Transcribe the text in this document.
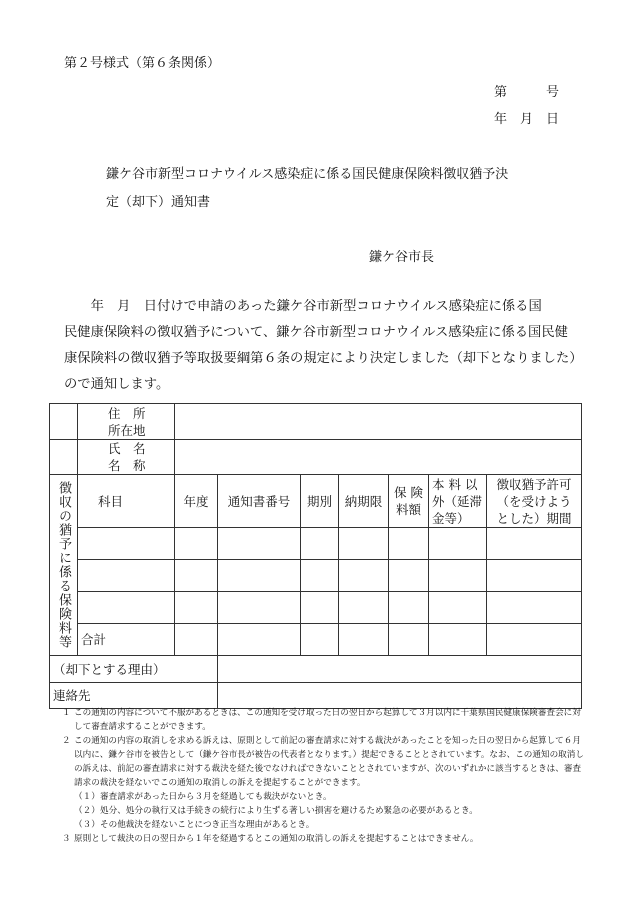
第２号様式（第６条関係）
第　　　号
年　月　日
鎌ケ谷市新型コロナウイルス感染症に係る国民健康保険料徴収猶予決
定（却下）通知書
鎌ケ谷市長

　　年　月　日付けで申請のあった鎌ケ谷市新型コロナウイルス感染症に係る国

民健康保険料の徴収猶予について、鎌ケ谷市新型コロナウイルス感染症に係る国民健

康保険料の徴収猶予等取扱要綱第６条の規定により決定しました（却下となりました）

ので通知します。

	住　所
所在地							

	氏　名
名　称							

徴収の猶予に係る保険料等	科目	年度	通知書番号	期別	納期限	保 険
料額	本 料 以
外（延滞
金等）	徴収猶予許可
（を受けよう
とした）期間

	合計							
（却下とする理由）								
連絡先								
１ この通知の内容について不服があるときは、この通知を受け取った日の翌日から起算して３月以内に千葉県国民健康保険審査会に対して審査請求することができます。
２ この通知の内容の取消しを求める訴えは、原則として前記の審査請求に対する裁決があったことを知った日の翌日から起算して６月以内に、鎌ケ谷市を被告として（鎌ケ谷市長が被告の代表者となります。）提起できることとされています。なお、この通知の取消しの訴えは、前記の審査請求に対する裁決を経た後でなければできないこととされていますが、次のいずれかに該当するときは、審査請求の裁決を経ないでこの通知の取消しの訴えを提起することができます。
（１） 審査請求があった日から３月を経過しても裁決がないとき。
（２） 処分、処分の執行又は手続きの続行により生ずる著しい損害を避けるため緊急の必要があるとき。
（３） その他裁決を経ないことにつき正当な理由があるとき。
３ 原則として裁決の日の翌日から１年を経過するとこの通知の取消しの訴えを提起することはできません。
